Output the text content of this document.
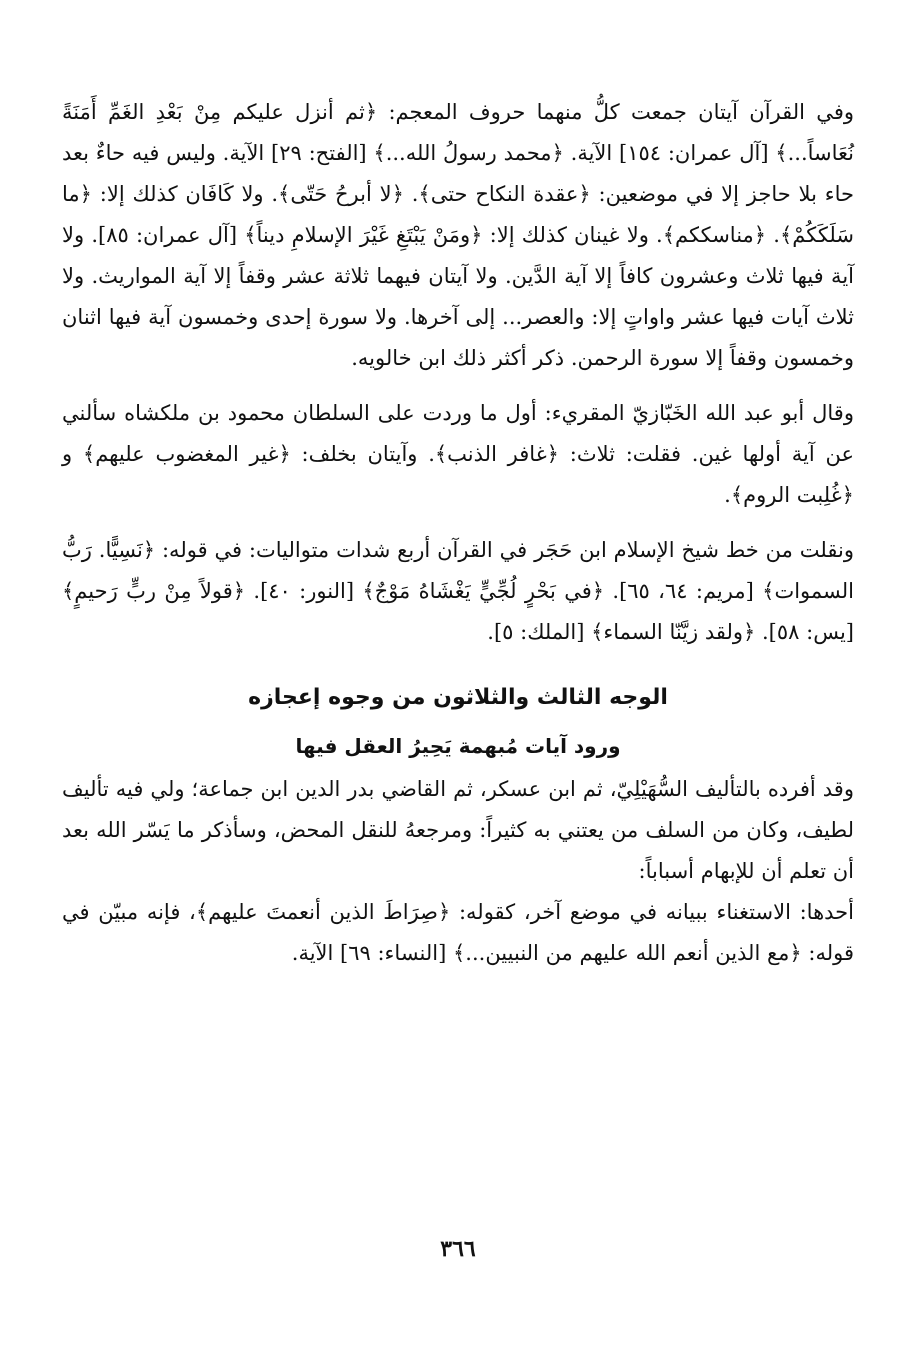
وفي القرآن آيتان جمعت كلُّ منهما حروف المعجم: ﴿ثم أنزل عليكم مِنْ بَعْدِ الغَمِّ أَمَنَةً نُعَاساً...﴾ [آل عمران: ١٥٤] الآية. ﴿محمد رسولُ الله...﴾ [الفتح: ٢٩] الآية. وليس فيه حاءٌ بعد حاء بلا حاجز إلا في موضعين: ﴿عقدة النكاح حتى﴾. ﴿لا أبرحُ حَتّى﴾. ولا كَافَان كذلك إلا: ﴿ما سَلَكَكُمْ﴾. ﴿مناسككم﴾. ولا غينان كذلك إلا: ﴿ومَنْ يَبْتَغِ غَيْرَ الإسلامِ ديناً﴾ [آل عمران: ٨٥]. ولا آية فيها ثلاث وعشرون كافاً إلا آية الدَّين. ولا آيتان فيهما ثلاثة عشر وقفاً إلا آية المواريث. ولا ثلاث آيات فيها عشر واواتٍ إلا: والعصر... إلى آخرها. ولا سورة إحدى وخمسون آية فيها اثنان وخمسون وقفاً إلا سورة الرحمن. ذكر أكثر ذلك ابن خالويه.

وقال أبو عبد الله الخَبّازيّ المقريء: أول ما وردت على السلطان محمود بن ملكشاه سألني عن آية أولها غين. فقلت: ثلاث: ﴿غافر الذنب﴾. وآيتان بخلف: ﴿غير المغضوب عليهم﴾ و ﴿غُلِبت الروم﴾.

ونقلت من خط شيخ الإسلام ابن حَجَر في القرآن أربع شدات متواليات: في قوله: ﴿نَسِيًّا. رَبُّ السموات﴾ [مريم: ٦٤، ٦٥]. ﴿في بَحْرٍ لُجِّيٍّ يَغْشَاهُ مَوْجٌ﴾ [النور: ٤٠]. ﴿قولاً مِنْ ربٍّ رَحيمٍ﴾ [يس: ٥٨]. ﴿ولقد زيَّنّا السماء﴾ [الملك: ٥].

الوجه الثالث والثلاثون من وجوه إعجازه
ورود آيات مُبهمة يَحِيرُ العقل فيها

وقد أفرده بالتأليف السُّهَيْلِيّ، ثم ابن عسكر، ثم القاضي بدر الدين ابن جماعة؛ ولي فيه تأليف لطيف، وكان من السلف من يعتني به كثيراً: ومرجعهُ للنقل المحض، وسأذكر ما يَسّر الله بعد أن تعلم أن للإبهام أسباباً:

أحدها: الاستغناء ببيانه في موضع آخر، كقوله: ﴿صِرَاطَ الذين أنعمتَ عليهم﴾، فإنه مبيّن في قوله: ﴿مع الذين أنعم الله عليهم من النبيين...﴾ [النساء: ٦٩] الآية.

٣٦٦
